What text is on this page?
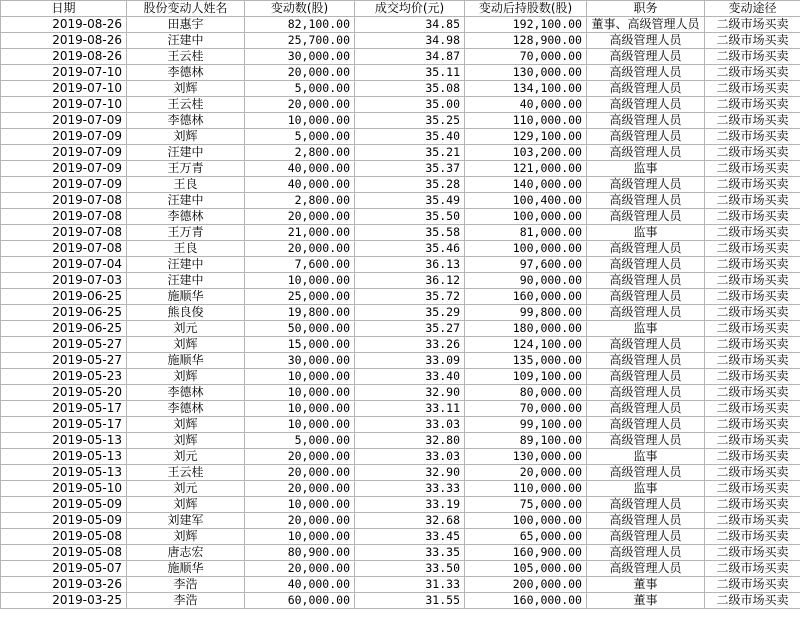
日期	股份变动人姓名	变动数(股)	成交均价(元)	变动后持股数(股)	职务	变动途径
2019-08-26	田惠宇	82,100.00	34.85	192,100.00	董事、高级管理人员	二级市场买卖
2019-08-26	汪建中	25,700.00	34.98	128,900.00	高级管理人员	二级市场买卖
2019-08-26	王云桂	30,000.00	34.87	70,000.00	高级管理人员	二级市场买卖
2019-07-10	李德林	20,000.00	35.11	130,000.00	高级管理人员	二级市场买卖
2019-07-10	刘辉	5,000.00	35.08	134,100.00	高级管理人员	二级市场买卖
2019-07-10	王云桂	20,000.00	35.00	40,000.00	高级管理人员	二级市场买卖
2019-07-09	李德林	10,000.00	35.25	110,000.00	高级管理人员	二级市场买卖
2019-07-09	刘辉	5,000.00	35.40	129,100.00	高级管理人员	二级市场买卖
2019-07-09	汪建中	2,800.00	35.21	103,200.00	高级管理人员	二级市场买卖
2019-07-09	王万青	40,000.00	35.37	121,000.00	监事	二级市场买卖
2019-07-09	王良	40,000.00	35.28	140,000.00	高级管理人员	二级市场买卖
2019-07-08	汪建中	2,800.00	35.49	100,400.00	高级管理人员	二级市场买卖
2019-07-08	李德林	20,000.00	35.50	100,000.00	高级管理人员	二级市场买卖
2019-07-08	王万青	21,000.00	35.58	81,000.00	监事	二级市场买卖
2019-07-08	王良	20,000.00	35.46	100,000.00	高级管理人员	二级市场买卖
2019-07-04	汪建中	7,600.00	36.13	97,600.00	高级管理人员	二级市场买卖
2019-07-03	汪建中	10,000.00	36.12	90,000.00	高级管理人员	二级市场买卖
2019-06-25	施顺华	25,000.00	35.72	160,000.00	高级管理人员	二级市场买卖
2019-06-25	熊良俊	19,800.00	35.29	99,800.00	高级管理人员	二级市场买卖
2019-06-25	刘元	50,000.00	35.27	180,000.00	监事	二级市场买卖
2019-05-27	刘辉	15,000.00	33.26	124,100.00	高级管理人员	二级市场买卖
2019-05-27	施顺华	30,000.00	33.09	135,000.00	高级管理人员	二级市场买卖
2019-05-23	刘辉	10,000.00	33.40	109,100.00	高级管理人员	二级市场买卖
2019-05-20	李德林	10,000.00	32.90	80,000.00	高级管理人员	二级市场买卖
2019-05-17	李德林	10,000.00	33.11	70,000.00	高级管理人员	二级市场买卖
2019-05-17	刘辉	10,000.00	33.03	99,100.00	高级管理人员	二级市场买卖
2019-05-13	刘辉	5,000.00	32.80	89,100.00	高级管理人员	二级市场买卖
2019-05-13	刘元	20,000.00	33.03	130,000.00	监事	二级市场买卖
2019-05-13	王云桂	20,000.00	32.90	20,000.00	高级管理人员	二级市场买卖
2019-05-10	刘元	20,000.00	33.33	110,000.00	监事	二级市场买卖
2019-05-09	刘辉	10,000.00	33.19	75,000.00	高级管理人员	二级市场买卖
2019-05-09	刘建军	20,000.00	32.68	100,000.00	高级管理人员	二级市场买卖
2019-05-08	刘辉	10,000.00	33.45	65,000.00	高级管理人员	二级市场买卖
2019-05-08	唐志宏	80,900.00	33.35	160,900.00	高级管理人员	二级市场买卖
2019-05-07	施顺华	20,000.00	33.50	105,000.00	高级管理人员	二级市场买卖
2019-03-26	李浩	40,000.00	31.33	200,000.00	董事	二级市场买卖
2019-03-25	李浩	60,000.00	31.55	160,000.00	董事	二级市场买卖
